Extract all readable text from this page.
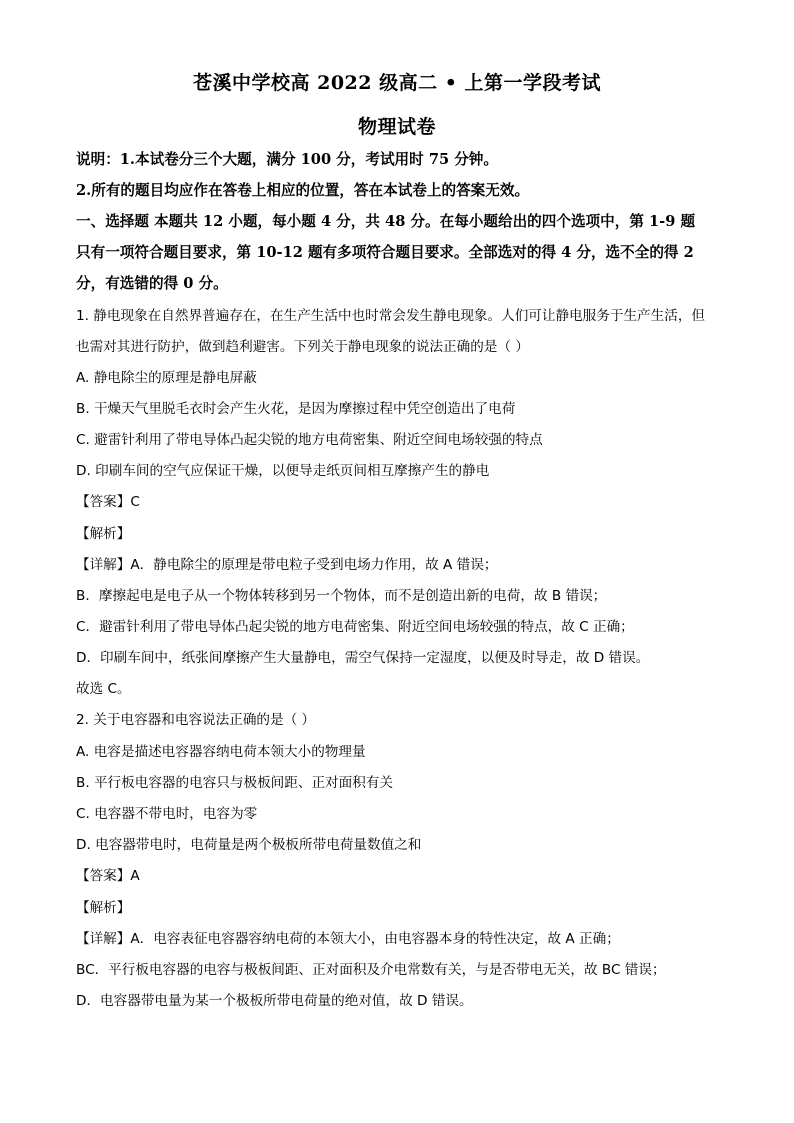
苍溪中学校高 2022 级高二 • 上第一学段考试
物理试卷
说明：1.本试卷分三个大题，满分 100 分，考试用时 75 分钟。
2.所有的题目均应作在答卷上相应的位置，答在本试卷上的答案无效。
一、选择题 本题共 12 小题，每小题 4 分，共 48 分。在每小题给出的四个选项中，第 1-9 题
只有一项符合题目要求，第 10-12 题有多项符合题目要求。全部选对的得 4 分，选不全的得 2
分，有选错的得 0 分。
1. 静电现象在自然界普遍存在，在生产生活中也时常会发生静电现象。人们可让静电服务于生产生活，但
也需对其进行防护，做到趋利避害。下列关于静电现象的说法正确的是（ ）
A. 静电除尘的原理是静电屏蔽
B. 干燥天气里脱毛衣时会产生火花，是因为摩擦过程中凭空创造出了电荷
C. 避雷针利用了带电导体凸起尖锐的地方电荷密集、附近空间电场较强的特点
D. 印刷车间的空气应保证干燥，以便导走纸页间相互摩擦产生的静电
【答案】C
【解析】
【详解】A．静电除尘的原理是带电粒子受到电场力作用，故 A 错误；
B．摩擦起电是电子从一个物体转移到另一个物体，而不是创造出新的电荷，故 B 错误；
C．避雷针利用了带电导体凸起尖锐的地方电荷密集、附近空间电场较强的特点，故 C 正确；
D．印刷车间中，纸张间摩擦产生大量静电，需空气保持一定湿度，以便及时导走，故 D 错误。
故选 C。
2. 关于电容器和电容说法正确的是（ ）
A. 电容是描述电容器容纳电荷本领大小的物理量
B. 平行板电容器的电容只与极板间距、正对面积有关
C. 电容器不带电时，电容为零
D. 电容器带电时，电荷量是两个极板所带电荷量数值之和
【答案】A
【解析】
【详解】A．电容表征电容器容纳电荷的本领大小，由电容器本身的特性决定，故 A 正确；
BC．平行板电容器的电容与极板间距、正对面积及介电常数有关，与是否带电无关，故 BC 错误；
D．电容器带电量为某一个极板所带电荷量的绝对值，故 D 错误。
